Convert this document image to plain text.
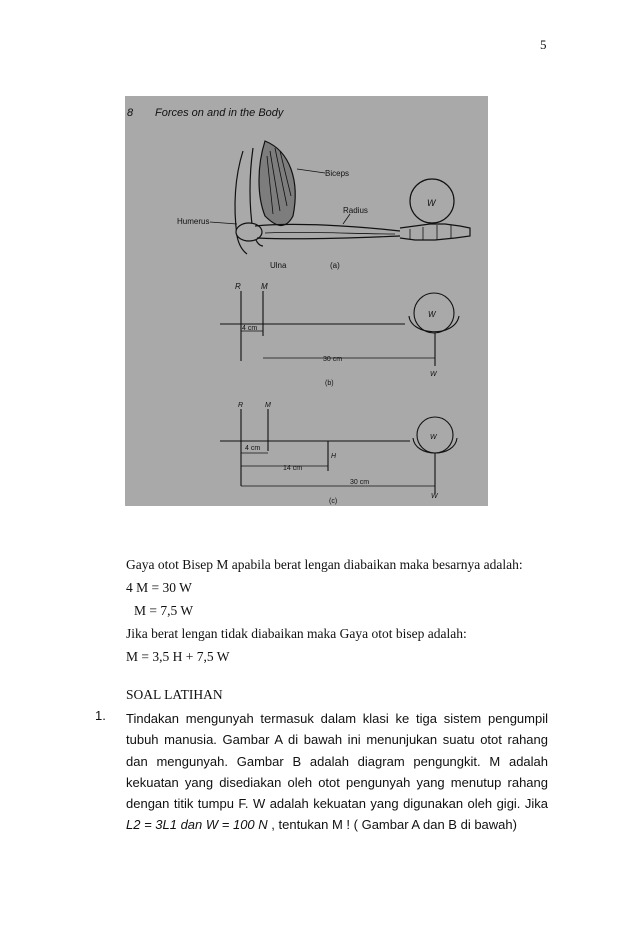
5
8 Forces on and in the Body
Biceps
Radius
Humerus
Ulna
W
(a)
R	M
4 cm
30 cm
W
W
(b)
R	M
4 cm
14 cm
H
30 cm
W
W
(c)
Gaya otot Bisep M apabila berat lengan diabaikan maka besarnya adalah:
4 M = 30 W
M = 7,5 W
Jika berat lengan tidak diabaikan maka Gaya otot bisep adalah:
M = 3,5 H + 7,5 W
SOAL LATIHAN
1. Tindakan mengunyah termasuk dalam klasi ke tiga sistem pengumpil tubuh manusia. Gambar A di bawah ini menunjukan suatu otot rahang dan mengunyah. Gambar B adalah diagram pengungkit. M adalah kekuatan yang disediakan oleh otot pengunyah yang menutup rahang dengan titik tumpu F. W adalah kekuatan yang digunakan oleh gigi. Jika L2 = 3L1 dan W = 100 N , tentukan M ! ( Gambar A dan B di bawah)
